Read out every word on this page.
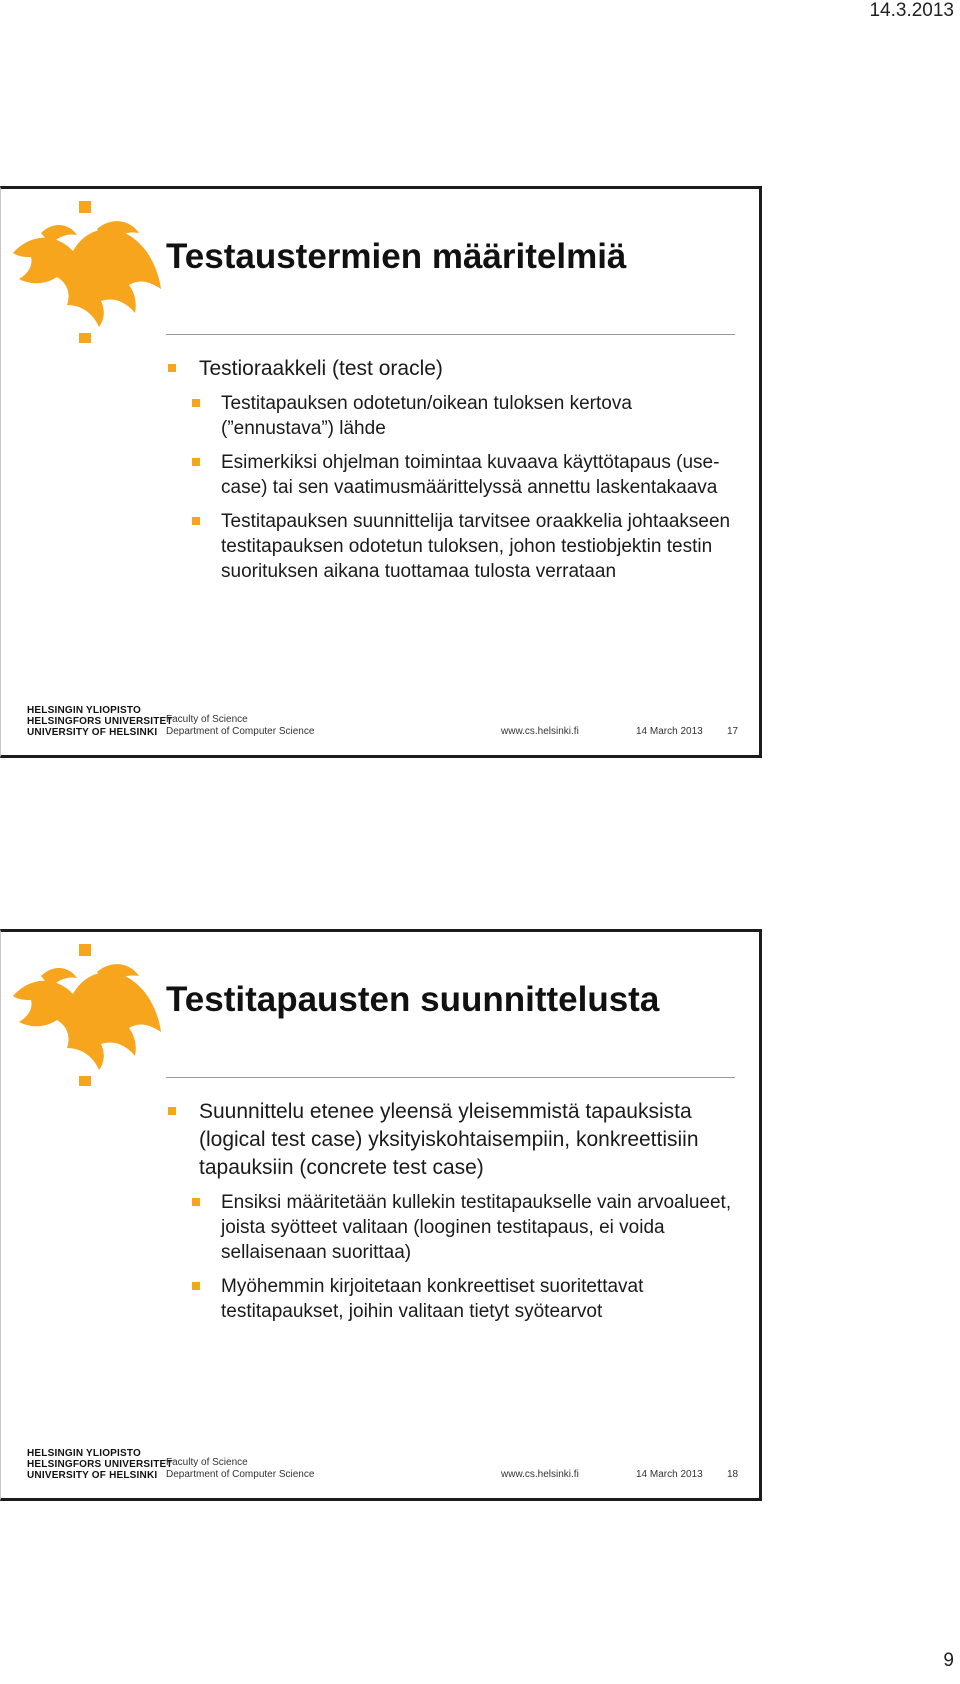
14.3.2013
Testaustermien määritelmiä
Testioraakkeli (test oracle)
Testitapauksen odotetun/oikean tuloksen kertova (”ennustava”) lähde
Esimerkiksi ohjelman toimintaa kuvaava käyttötapaus (use-case) tai sen vaatimusmäärittelyssä annettu laskentakaava
Testitapauksen suunnittelija tarvitsee oraakkelia johtaakseen testitapauksen odotetun tuloksen, johon testiobjektin testin suorituksen aikana tuottamaa tulosta verrataan
HELSINGIN YLIOPISTO
HELSINGFORS UNIVERSITET
UNIVERSITY OF HELSINKI
Faculty of Science
Department of Computer Science	www.cs.helsinki.fi	14 March 2013 17
Testitapausten suunnittelusta
Suunnittelu etenee yleensä yleisemmistä tapauksista (logical test case) yksityiskohtaisempiin, konkreettisiin tapauksiin (concrete test case)
Ensiksi määritetään kullekin testitapaukselle vain arvoalueet, joista syötteet valitaan (looginen testitapaus, ei voida sellaisenaan suorittaa)
Myöhemmin kirjoitetaan konkreettiset suoritettavat testitapaukset, joihin valitaan tietyt syötearvot
HELSINGIN YLIOPISTO
HELSINGFORS UNIVERSITET
UNIVERSITY OF HELSINKI
Faculty of Science
Department of Computer Science	www.cs.helsinki.fi	14 March 2013 18
9
